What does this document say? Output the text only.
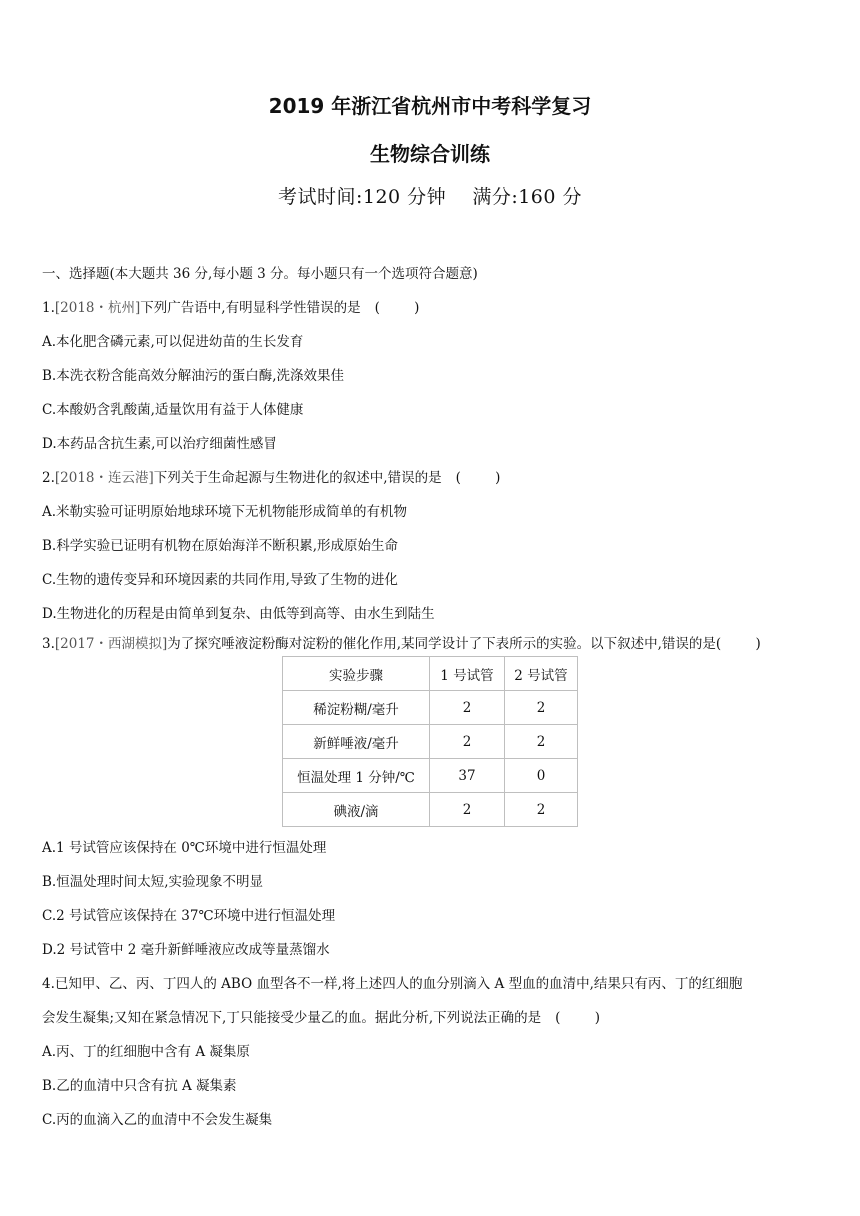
2019 年浙江省杭州市中考科学复习
生物综合训练
考试时间:120 分钟    满分:160 分
一、选择题(本大题共 36 分,每小题 3 分。每小题只有一个选项符合题意)
1.[2018・杭州]下列广告语中,有明显科学性错误的是 (        )
A.本化肥含磷元素,可以促进幼苗的生长发育
B.本洗衣粉含能高效分解油污的蛋白酶,洗涤效果佳
C.本酸奶含乳酸菌,适量饮用有益于人体健康
D.本药品含抗生素,可以治疗细菌性感冒
2.[2018・连云港]下列关于生命起源与生物进化的叙述中,错误的是 (        )
A.米勒实验可证明原始地球环境下无机物能形成简单的有机物
B.科学实验已证明有机物在原始海洋不断积累,形成原始生命
C.生物的遗传变异和环境因素的共同作用,导致了生物的进化
D.生物进化的历程是由简单到复杂、由低等到高等、由水生到陆生
3.[2017・西湖模拟]为了探究唾液淀粉酶对淀粉的催化作用,某同学设计了下表所示的实验。以下叙述中,错误的是(        )
实验步骤	1 号试管	2 号试管
稀淀粉糊/毫升	2	2
新鲜唾液/毫升	2	2
恒温处理 1 分钟/℃	37	0
碘液/滴	2	2
A.1 号试管应该保持在 0℃环境中进行恒温处理
B.恒温处理时间太短,实验现象不明显
C.2 号试管应该保持在 37℃环境中进行恒温处理
D.2 号试管中 2 毫升新鲜唾液应改成等量蒸馏水
4.已知甲、乙、丙、丁四人的 ABO 血型各不一样,将上述四人的血分别滴入 A 型血的血清中,结果只有丙、丁的红细胞
会发生凝集;又知在紧急情况下,丁只能接受少量乙的血。据此分析,下列说法正确的是 (        )
A.丙、丁的红细胞中含有 A 凝集原
B.乙的血清中只含有抗 A 凝集素
C.丙的血滴入乙的血清中不会发生凝集
